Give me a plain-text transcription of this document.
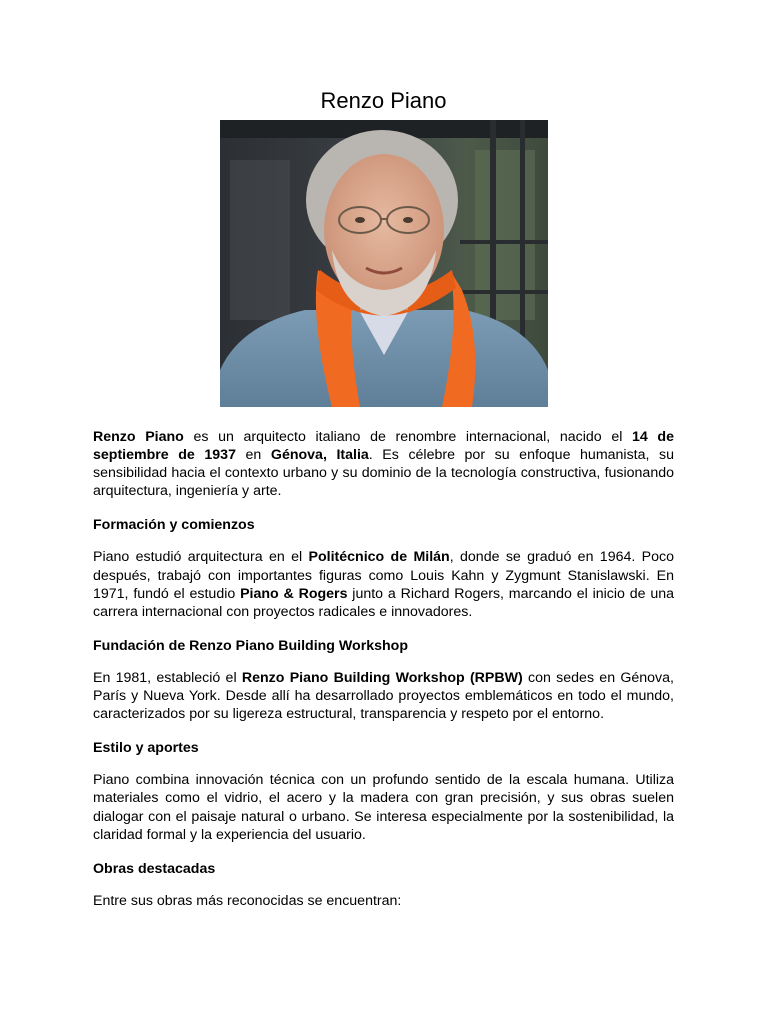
Renzo Piano

Renzo Piano es un arquitecto italiano de renombre internacional, nacido el 14 de septiembre de 1937 en Génova, Italia. Es célebre por su enfoque humanista, su sensibilidad hacia el contexto urbano y su dominio de la tecnología constructiva, fusionando arquitectura, ingeniería y arte.

Formación y comienzos

Piano estudió arquitectura en el Politécnico de Milán, donde se graduó en 1964. Poco después, trabajó con importantes figuras como Louis Kahn y Zygmunt Stanislawski. En 1971, fundó el estudio Piano & Rogers junto a Richard Rogers, marcando el inicio de una carrera internacional con proyectos radicales e innovadores.

Fundación de Renzo Piano Building Workshop

En 1981, estableció el Renzo Piano Building Workshop (RPBW) con sedes en Génova, París y Nueva York. Desde allí ha desarrollado proyectos emblemáticos en todo el mundo, caracterizados por su ligereza estructural, transparencia y respeto por el entorno.

Estilo y aportes

Piano combina innovación técnica con un profundo sentido de la escala humana. Utiliza materiales como el vidrio, el acero y la madera con gran precisión, y sus obras suelen dialogar con el paisaje natural o urbano. Se interesa especialmente por la sostenibilidad, la claridad formal y la experiencia del usuario.

Obras destacadas

Entre sus obras más reconocidas se encuentran:
